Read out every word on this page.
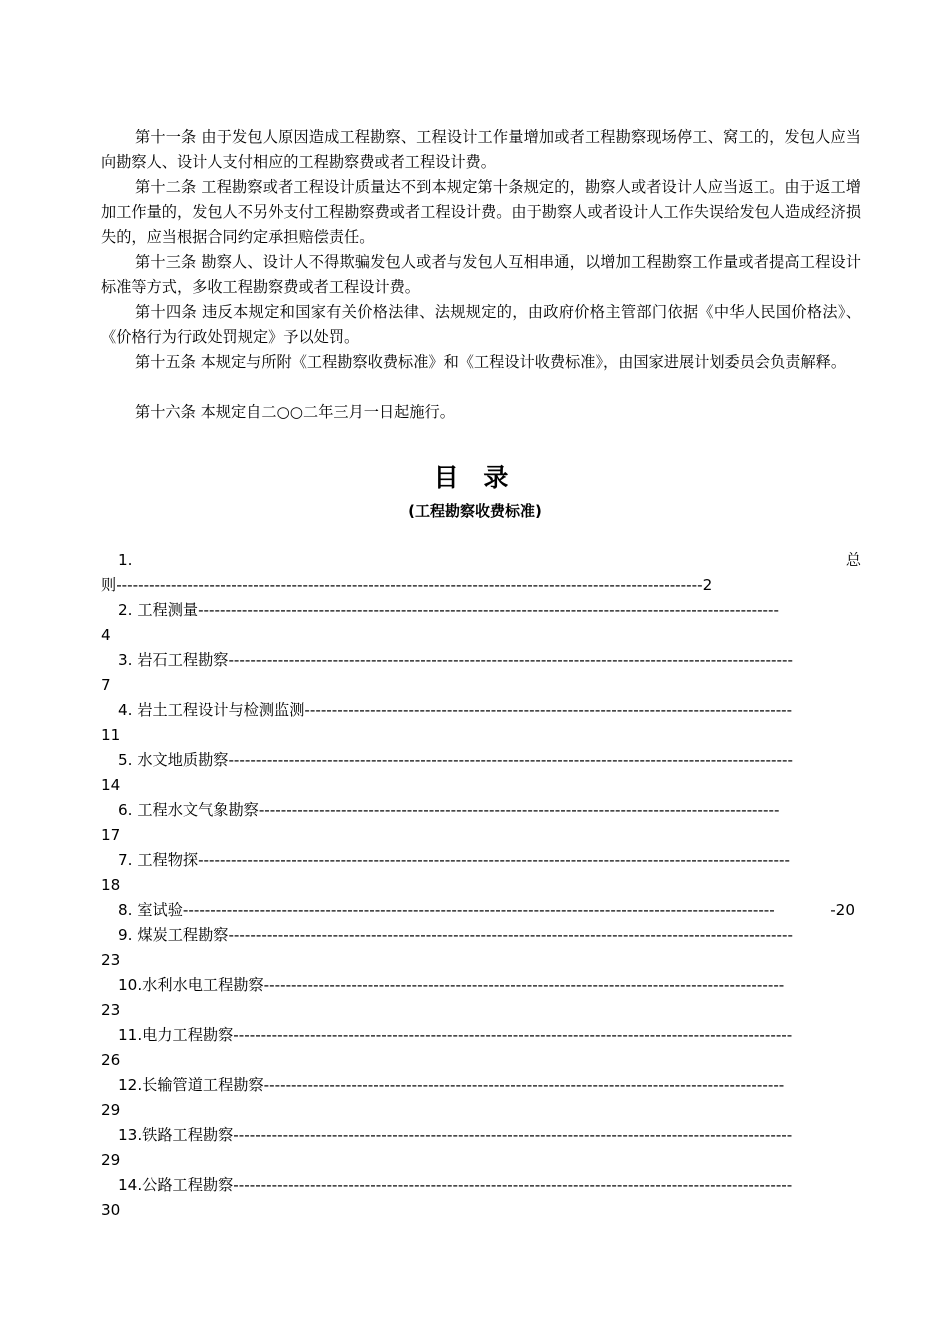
第十一条 由于发包人原因造成工程勘察、工程设计工作量增加或者工程勘察现场停工、窝工的，发包人应当向勘察人、设计人支付相应的工程勘察费或者工程设计费。

第十二条 工程勘察或者工程设计质量达不到本规定第十条规定的，勘察人或者设计人应当返工。由于返工增加工作量的，发包人不另外支付工程勘察费或者工程设计费。由于勘察人或者设计人工作失误给发包人造成经济损失的，应当根据合同约定承担赔偿责任。

第十三条 勘察人、设计人不得欺骗发包人或者与发包人互相串通，以增加工程勘察工作量或者提高工程设计标准等方式，多收工程勘察费或者工程设计费。

第十四条 违反本规定和国家有关价格法律、法规规定的，由政府价格主管部门依据《中华人民国价格法》、《价格行为行政处罚规定》予以处罚。

第十五条 本规定与所附《工程勘察收费标准》和《工程设计收费标准》，由国家进展计划委员会负责解释。

第十六条 本规定自二○○二年三月一日起施行。

目 录
(工程勘察收费标准)
1.	总
则-----------------------------------------------------------------------------------------------------------2
2. 工程测量----------------------------------------------------------------------------------------------------------
4
3. 岩石工程勘察-------------------------------------------------------------------------------------------------------
7
4. 岩土工程设计与检测监测-----------------------------------------------------------------------------------------
11
5. 水文地质勘察-------------------------------------------------------------------------------------------------------
14
6. 工程水文气象勘察-----------------------------------------------------------------------------------------------
17
7. 工程物探------------------------------------------------------------------------------------------------------------
18
8. 室试验------------------------------------------------------------------------------------------------------------	-20
9. 煤炭工程勘察-------------------------------------------------------------------------------------------------------
23
10.水利水电工程勘察-----------------------------------------------------------------------------------------------
23
11.电力工程勘察------------------------------------------------------------------------------------------------------
26
12.长输管道工程勘察-----------------------------------------------------------------------------------------------
29
13.铁路工程勘察------------------------------------------------------------------------------------------------------
29
14.公路工程勘察------------------------------------------------------------------------------------------------------
30
